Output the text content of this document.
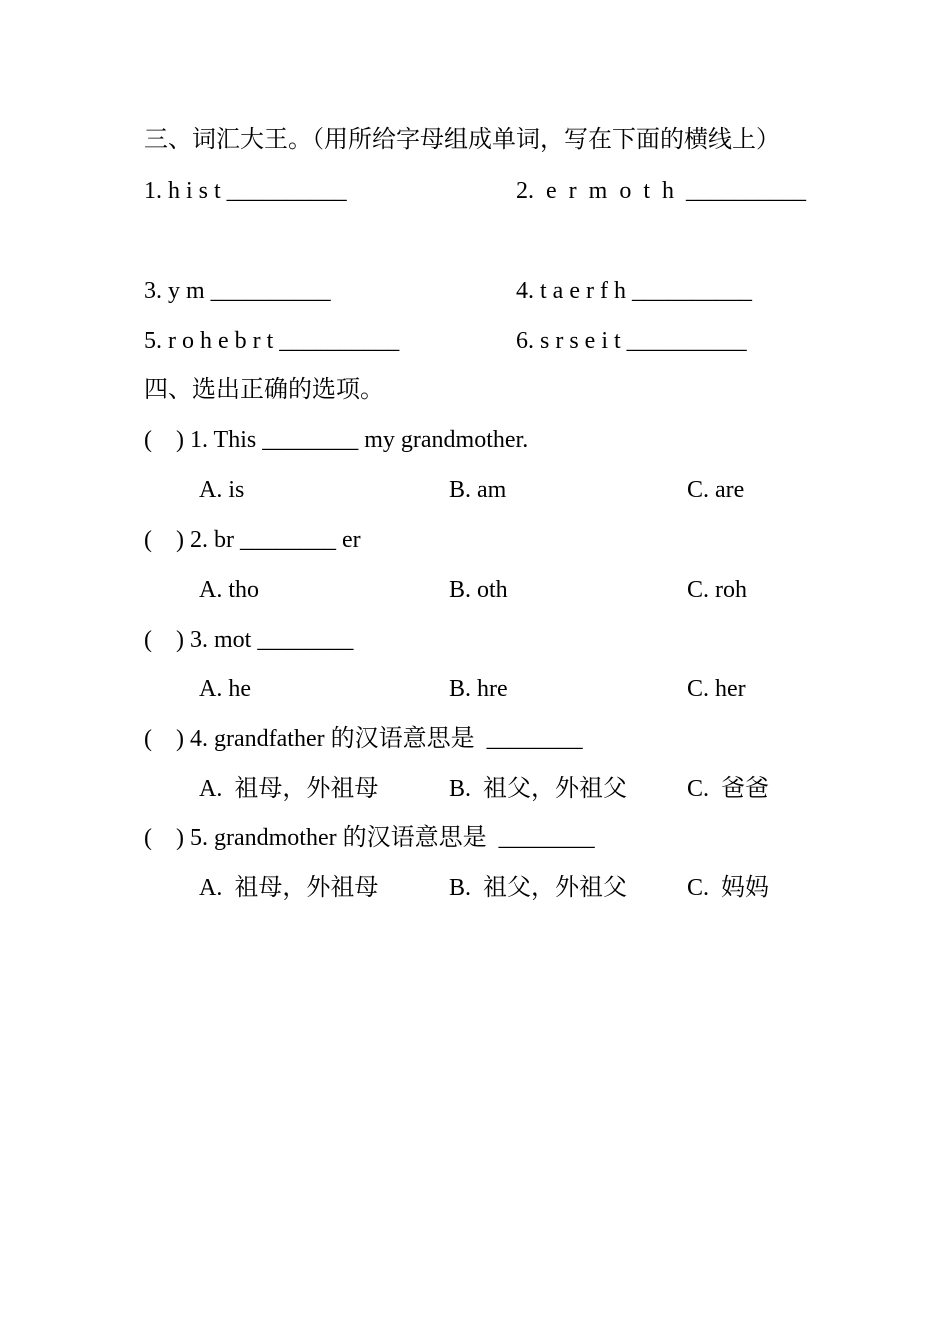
三、词汇大王。（用所给字母组成单词，写在下面的横线上）
1. h i s t __________	2.  e  r  m  o  t  h  __________
3. y m __________	4. t a e r f h __________
5. r o h e b r t __________	6. s r s e i t __________
四、选出正确的选项。
(    ) 1. This ________ my grandmother.
A. is	B. am	C. are
(    ) 2. br ________ er
A. tho	B. oth	C. roh
(    ) 3. mot ________
A. he	B. hre	C. her
(    ) 4. grandfather 的汉语意思是  ________
A.  祖母，外祖母	B.  祖父，外祖父 C.  爸爸
(    ) 5. grandmother 的汉语意思是  ________
A.  祖母，外祖母	B.  祖父，外祖父 C.  妈妈
